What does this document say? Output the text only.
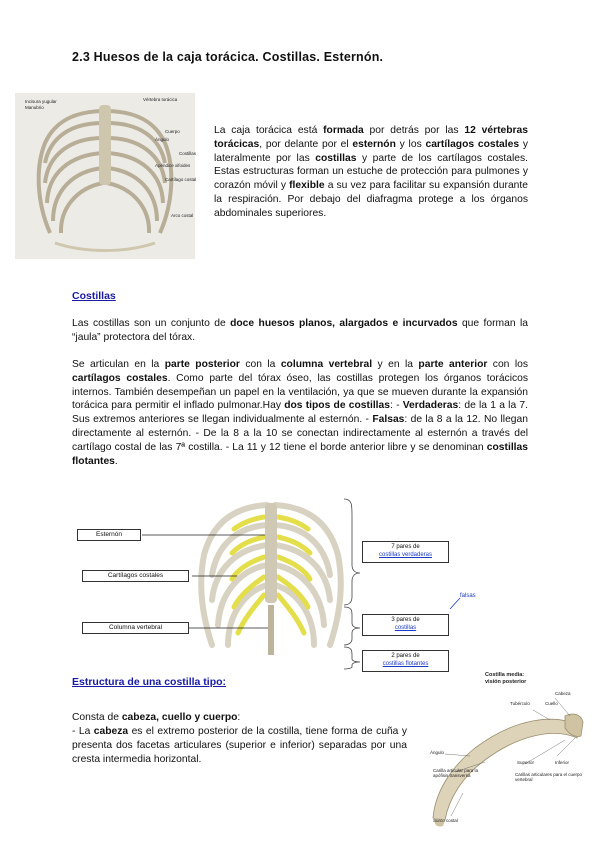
2.3 Huesos de la caja torácica. Costillas. Esternón.
Incisura yugular
Manubrio
Vértebra torácica
Cuerpo
Ángulo
Costillas
Apéndice xifoides
Cartílago costal
Arco costal
La caja torácica está formada por detrás por las 12 vértebras torácicas, por delante por el esternón y los cartílagos costales y lateralmente por las costillas y parte de los cartílagos costales. Estas estructuras forman un estuche de protección para pulmones y corazón móvil y flexible a su vez para facilitar su expansión durante la respiración. Por debajo del diafragma protege a los órganos abdominales superiores.
Costillas
Las costillas son un conjunto de doce huesos planos, alargados e incurvados que forman la “jaula” protectora del tórax.
Se articulan en la parte posterior con la columna vertebral y en la parte anterior con los cartílagos costales. Como parte del tórax óseo, las costillas protegen los órganos torácicos internos. También desempeñan un papel en la ventilación, ya que se mueven durante la expansión torácica para permitir el inflado pulmonar.Hay dos tipos de costillas: - Verdaderas: de la 1 a la 7. Sus extremos anteriores se llegan individualmente al esternón. - Falsas: de la 8 a la 12. No llegan directamente al esternón. - De la 8 a la 10 se conectan indirectamente al esternón a través del cartílago costal de las 7ª costilla. - La 11 y 12 tiene el borde anterior libre y se denominan costillas flotantes.
Esternón
Cartílagos costales
Columna vertebral
7 pares de
costillas verdaderas
3 pares de
costillas
2 pares de
costillas flotantes
falsas
Estructura de una costilla tipo:
Consta de cabeza, cuello y cuerpo:
- La cabeza es el extremo posterior de la costilla, tiene forma de cuña y presenta dos facetas articulares (superior e inferior) separadas por una cresta intermedia horizontal.
Costilla media:
visión posterior
Cabeza
Tubérculo	Cuello
Ángulo
Carilla articular para la apófisis transversa
Superior	Inferior
Carillas articulares para el cuerpo vertebral
Surco costal
